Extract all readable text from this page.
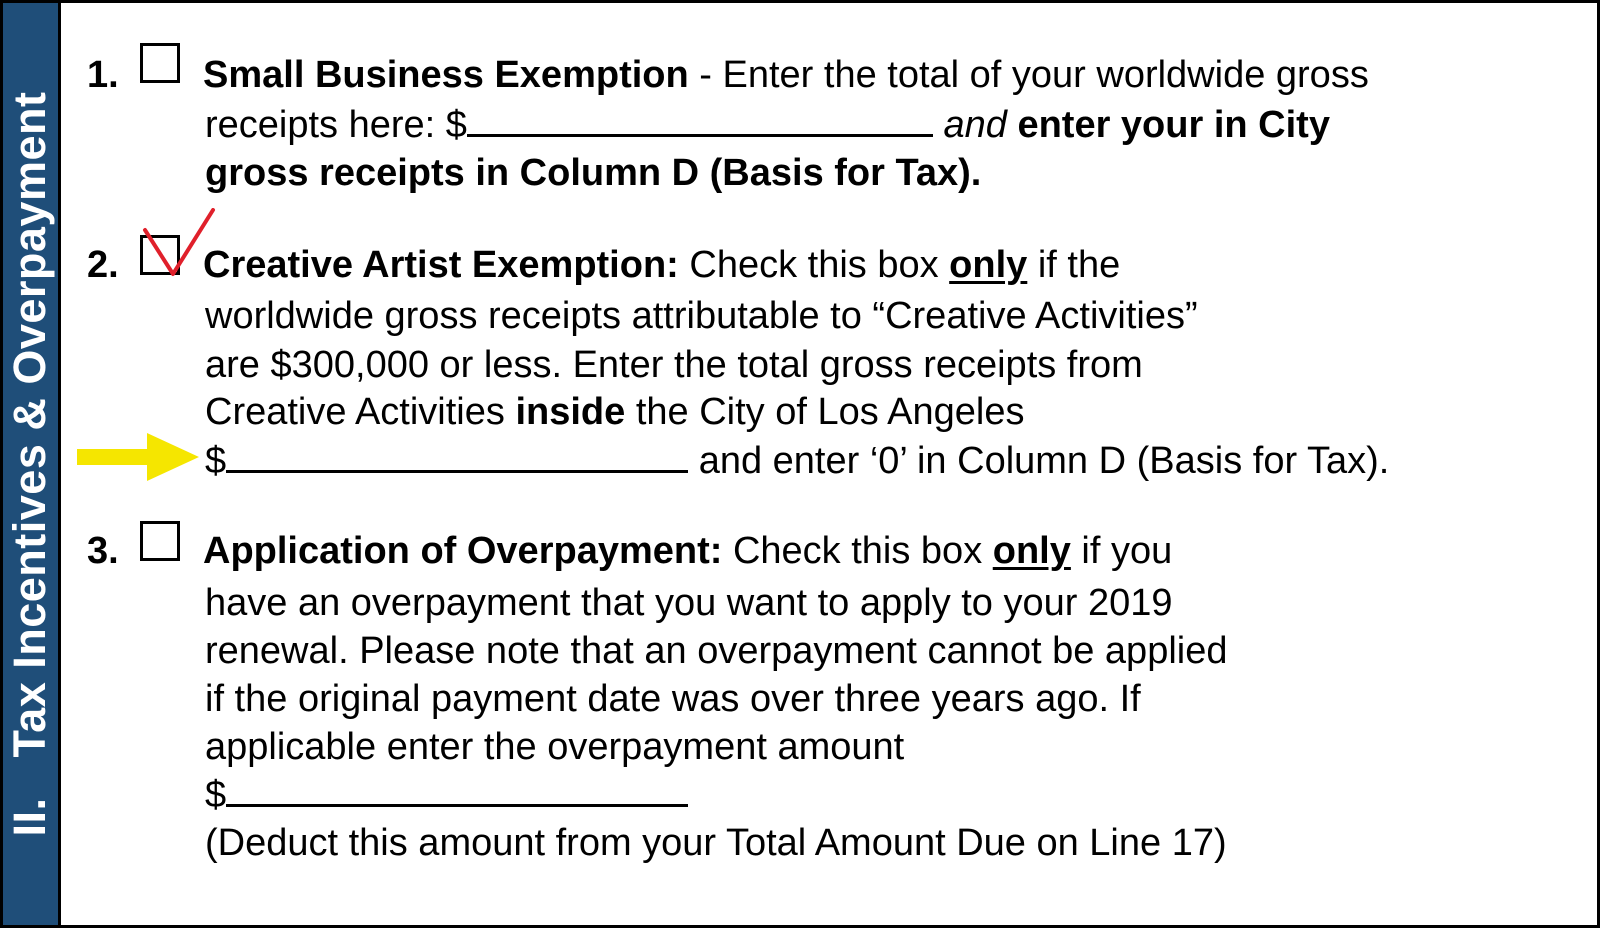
II.Tax Incentives & Overpayment
1. Small Business Exemption - Enter the total of your worldwide gross
receipts here: $	and enter your in City
gross receipts in Column D (Basis for Tax).
2. Creative Artist Exemption: Check this box only if the
worldwide gross receipts attributable to “Creative Activities”
are $300,000 or less. Enter the total gross receipts from
Creative Activities inside the City of Los Angeles
$	and enter ‘0’ in Column D (Basis for Tax).
3. Application of Overpayment: Check this box only if you
have an overpayment that you want to apply to your 2019
renewal. Please note that an overpayment cannot be applied
if the original payment date was over three years ago. If
applicable enter the overpayment amount
$
(Deduct this amount from your Total Amount Due on Line 17)
